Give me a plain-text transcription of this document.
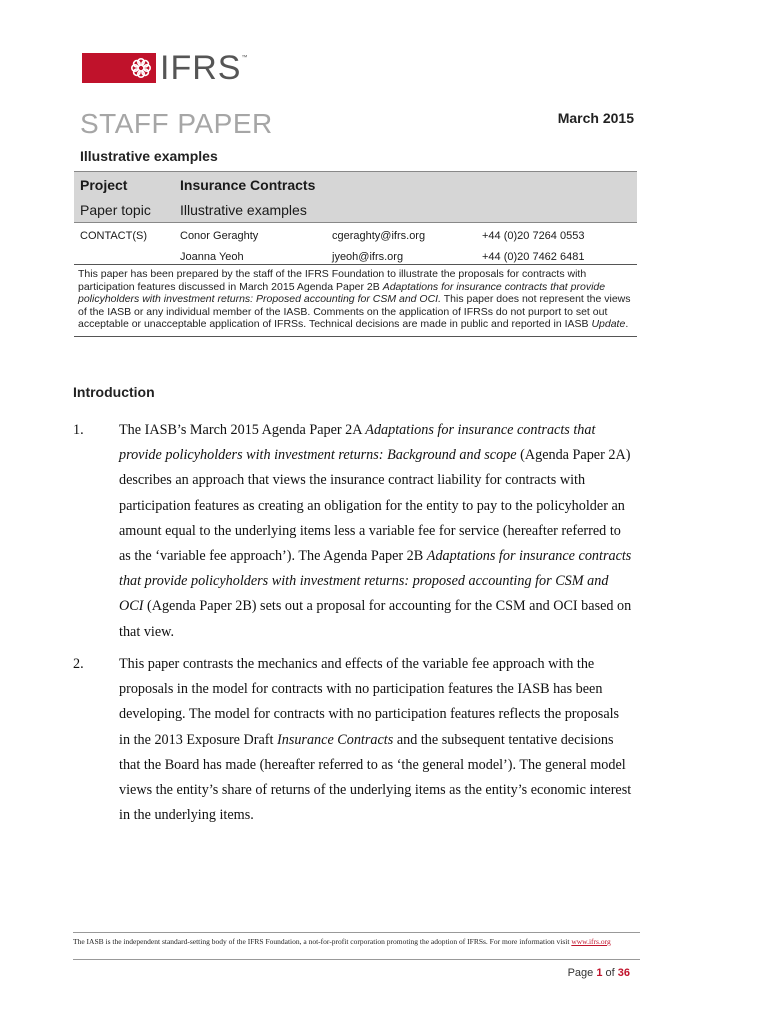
IFRS ™
STAFF PAPER	March 2015
Illustrative examples
Project	Insurance Contracts
Paper topic	Illustrative examples
CONTACT(S)	Conor Geraghty	cgeraghty@ifrs.org	+44 (0)20 7264 0553
Joanna Yeoh	jyeoh@ifrs.org	+44 (0)20 7462 6481
This paper has been prepared by the staff of the IFRS Foundation to illustrate the proposals for contracts with participation features discussed in March 2015 Agenda Paper 2B Adaptations for insurance contracts that provide policyholders with investment returns: Proposed accounting for CSM and OCI. This paper does not represent the views of the IASB or any individual member of the IASB. Comments on the application of IFRSs do not purport to set out acceptable or unacceptable application of IFRSs. Technical decisions are made in public and reported in IASB Update.
Introduction
1. The IASB’s March 2015 Agenda Paper 2A Adaptations for insurance contracts that provide policyholders with investment returns: Background and scope (Agenda Paper 2A) describes an approach that views the insurance contract liability for contracts with participation features as creating an obligation for the entity to pay to the policyholder an amount equal to the underlying items less a variable fee for service (hereafter referred to as the ‘variable fee approach’). The Agenda Paper 2B Adaptations for insurance contracts that provide policyholders with investment returns: proposed accounting for CSM and OCI (Agenda Paper 2B) sets out a proposal for accounting for the CSM and OCI based on that view.
2. This paper contrasts the mechanics and effects of the variable fee approach with the proposals in the model for contracts with no participation features the IASB has been developing. The model for contracts with no participation features reflects the proposals in the 2013 Exposure Draft Insurance Contracts and the subsequent tentative decisions that the Board has made (hereafter referred to as ‘the general model’). The general model views the entity’s share of returns of the underlying items as the entity’s economic interest in the underlying items.
The IASB is the independent standard-setting body of the IFRS Foundation, a not-for-profit corporation promoting the adoption of IFRSs. For more information visit www.ifrs.org
Page 1 of 36
